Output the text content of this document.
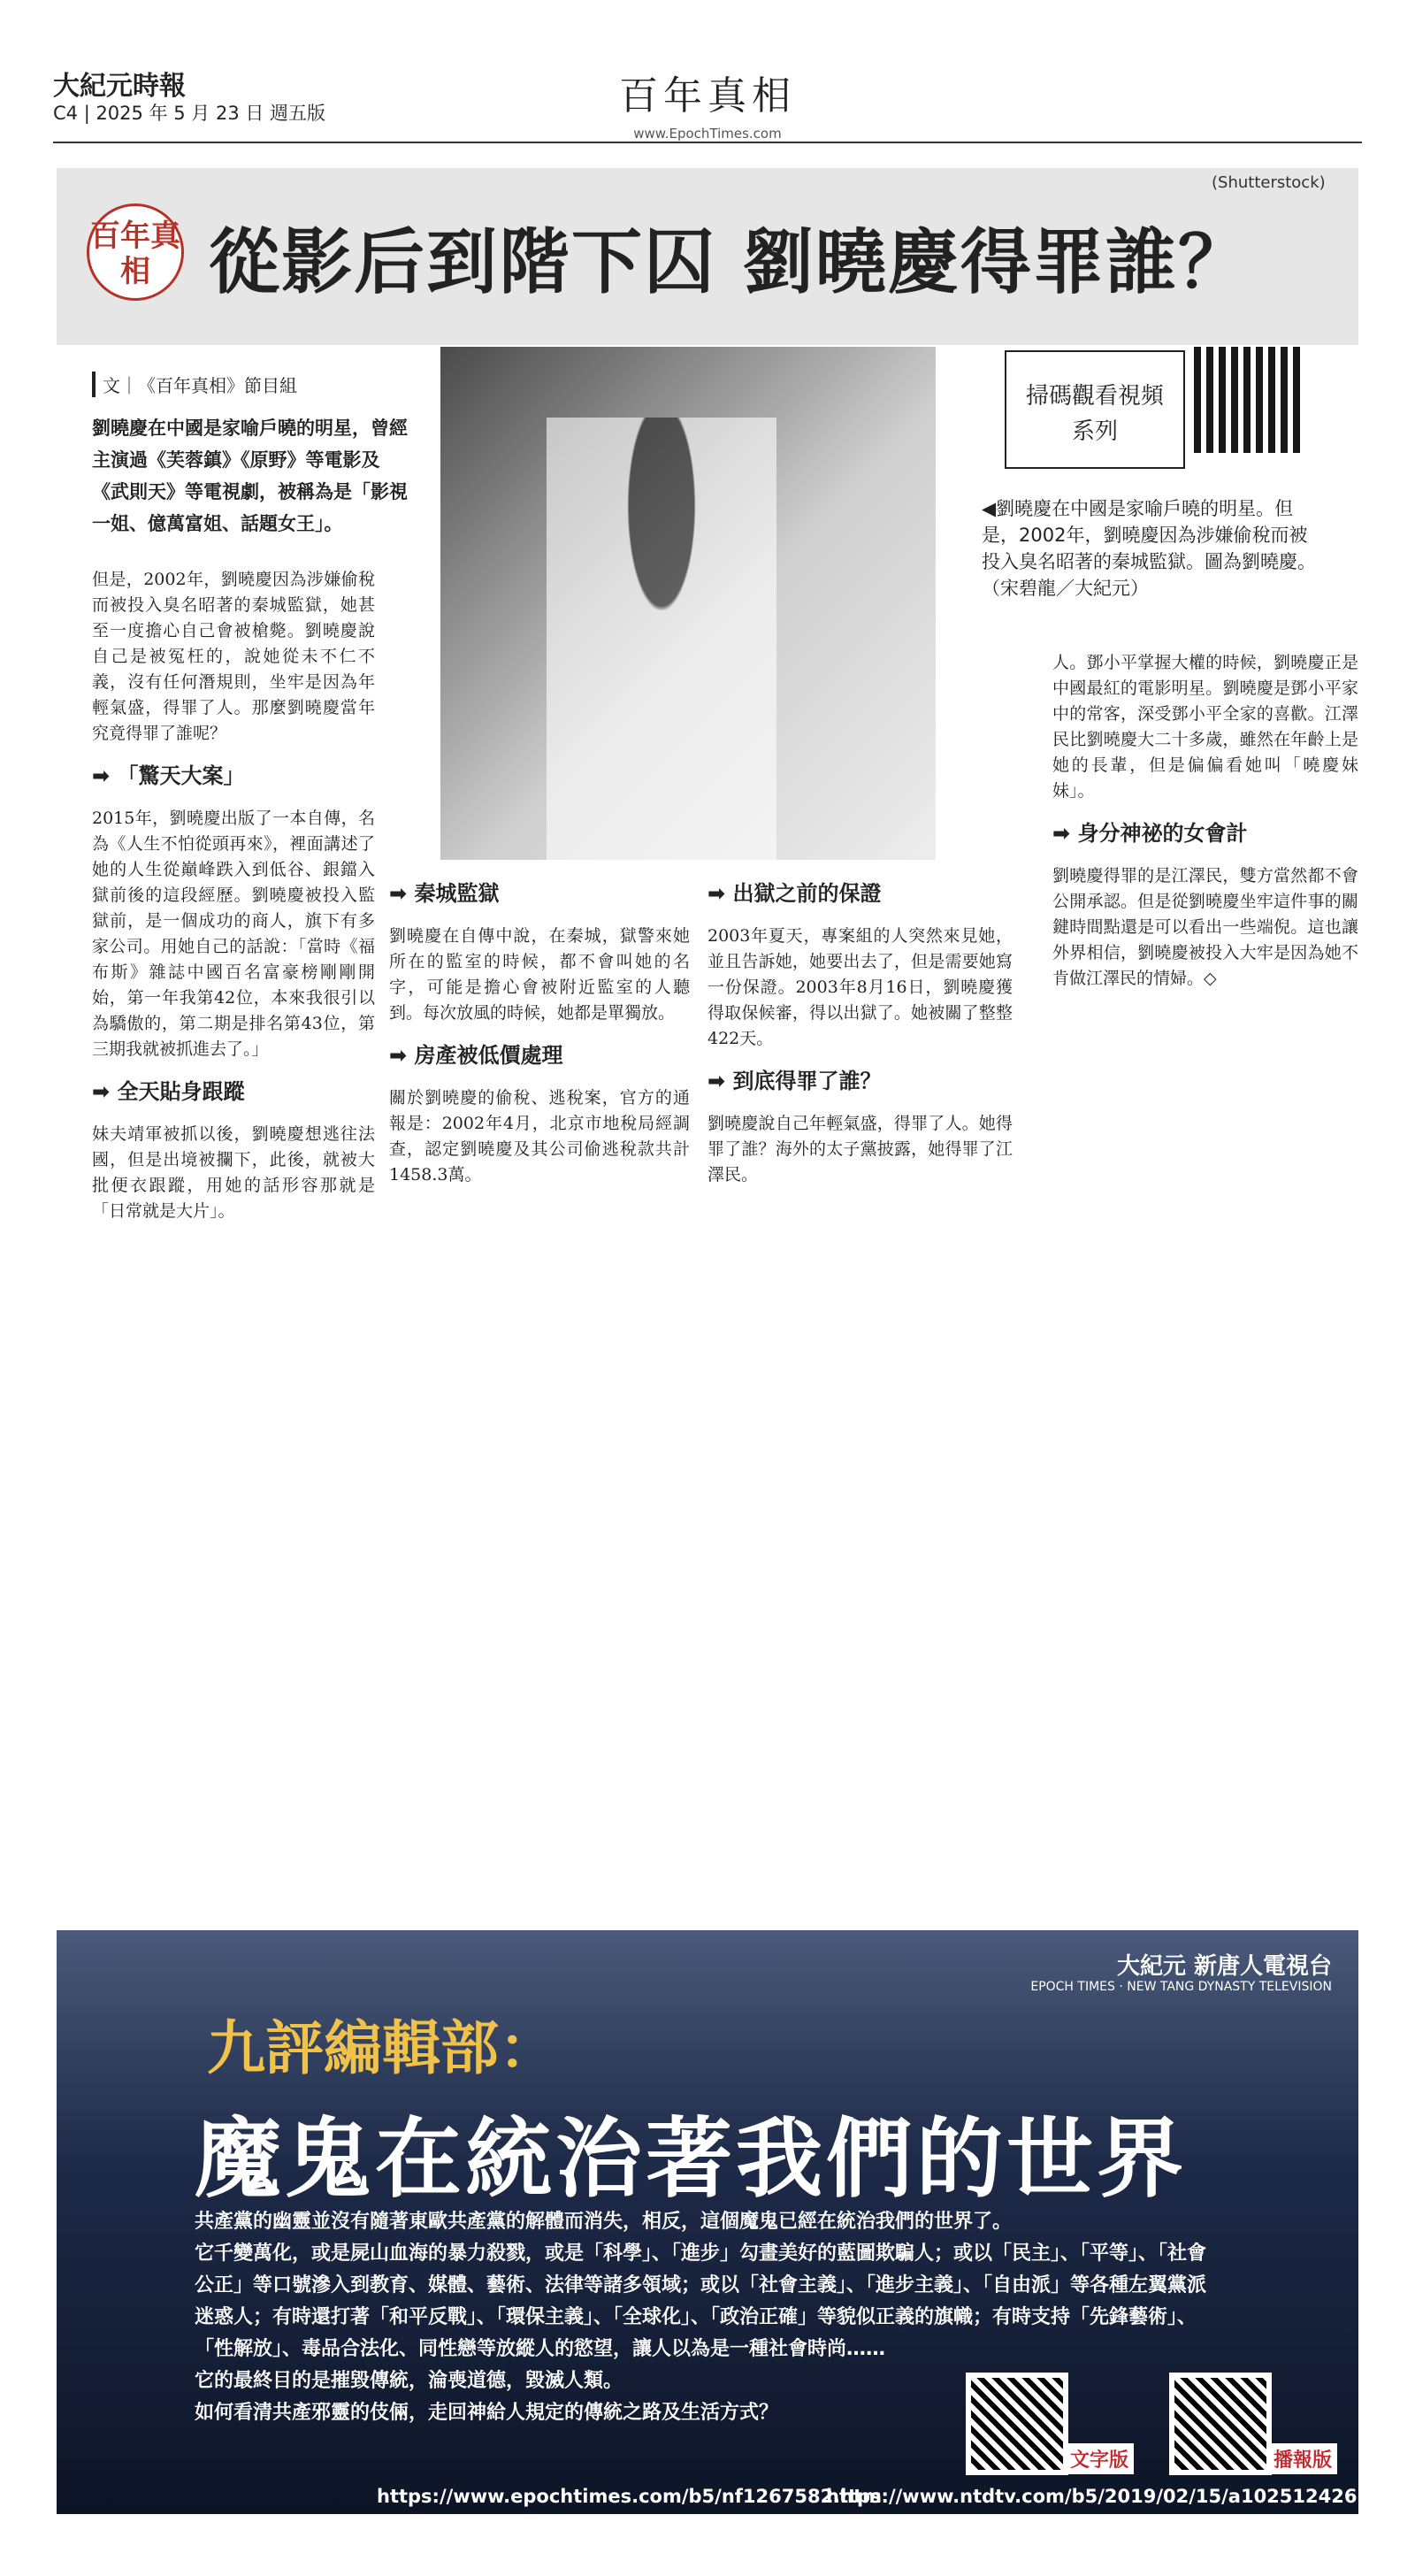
大紀元時報
C4 | 2025 年 5 月 23 日 週五版	百年真相
www.EpochTimes.com
百年真相 從影后到階下囚 劉曉慶得罪誰？
(Shutterstock)
文｜《百年真相》節目組
劉曉慶在中國是家喻戶曉的明星，曾經主演過《芙蓉鎮》《原野》等電影及《武則天》等電視劇，被稱為是「影視一姐、億萬富姐、話題女王」。
掃碼觀看視頻系列
◀劉曉慶在中國是家喻戶曉的明星。但是，2002年，劉曉慶因為涉嫌偷稅而被投入臭名昭著的秦城監獄。圖為劉曉慶。（宋碧龍／大紀元）

但是，2002年，劉曉慶因為涉嫌偷稅而被投入臭名昭著的秦城監獄，她甚至一度擔心自己會被槍斃。劉曉慶說自己是被冤枉的，說她從未不仁不義，沒有任何潛規則，坐牢是因為年輕氣盛，得罪了人。那麼劉曉慶當年究竟得罪了誰呢？

➡ 「驚天大案」

2015年，劉曉慶出版了一本自傳，名為《人生不怕從頭再來》，裡面講述了她的人生從巔峰跌入到低谷、銀鐺入獄前後的這段經歷。劉曉慶被投入監獄前，是一個成功的商人，旗下有多家公司。用她自己的話說：「當時《福布斯》雜誌中國百名富豪榜剛剛開始，第一年我第42位，本來我很引以為驕傲的，第二期是排名第43位，第三期我就被抓進去了。」

➡ 全天貼身跟蹤

妹夫靖軍被抓以後，劉曉慶想逃往法國，但是出境被攔下，此後，就被大批便衣跟蹤，用她的話形容那就是「日常就是大片」。

➡ 秦城監獄

劉曉慶在自傳中說，在秦城，獄警來她所在的監室的時候，都不會叫她的名字，可能是擔心會被附近監室的人聽到。每次放風的時候，她都是單獨放。

➡ 房產被低價處理

關於劉曉慶的偷稅、逃稅案，官方的通報是：2002年4月，北京市地稅局經調查，認定劉曉慶及其公司偷逃稅款共計1458.3萬。

➡ 出獄之前的保證

2003年夏天，專案組的人突然來見她，並且告訴她，她要出去了，但是需要她寫一份保證。2003年8月16日，劉曉慶獲得取保候審，得以出獄了。她被關了整整422天。

➡ 到底得罪了誰？

劉曉慶說自己年輕氣盛，得罪了人。她得罪了誰？海外的太子黨披露，她得罪了江澤民。

人。鄧小平掌握大權的時候，劉曉慶正是中國最紅的電影明星。劉曉慶是鄧小平家中的常客，深受鄧小平全家的喜歡。江澤民比劉曉慶大二十多歲，雖然在年齡上是她的長輩，但是偏偏看她叫「曉慶妹妹」。

➡ 身分神祕的女會計

劉曉慶得罪的是江澤民，雙方當然都不會公開承認。但是從劉曉慶坐牢這件事的關鍵時間點還是可以看出一些端倪。這也讓外界相信，劉曉慶被投入大牢是因為她不肯做江澤民的情婦。◇

大紀元 新唐人電視台
EPOCH TIMES · NEW TANG DYNASTY TELEVISION
九評編輯部：
魔鬼在統治著我們的世界
共產黨的幽靈並沒有隨著東歐共產黨的解體而消失，相反，這個魔鬼已經在統治我們的世界了。
它千變萬化，或是屍山血海的暴力殺戮，或是「科學」、「進步」勾畫美好的藍圖欺騙人；或以「民主」、「平等」、「社會公正」等口號滲入到教育、媒體、藝術、法律等諸多領域；或以「社會主義」、「進步主義」、「自由派」等各種左翼黨派迷惑人；有時還打著「和平反戰」、「環保主義」、「全球化」、「政治正確」等貌似正義的旗幟；有時支持「先鋒藝術」、「性解放」、毒品合法化、同性戀等放縱人的慾望，讓人以為是一種社會時尚……
它的最終目的是摧毀傳統，淪喪道德，毀滅人類。
如何看清共產邪靈的伎倆，走回神給人規定的傳統之路及生活方式？
文字版	播報版
https://www.epochtimes.com/b5/nf1267582.htm
https://www.ntdtv.com/b5/2019/02/15/a102512426.html
